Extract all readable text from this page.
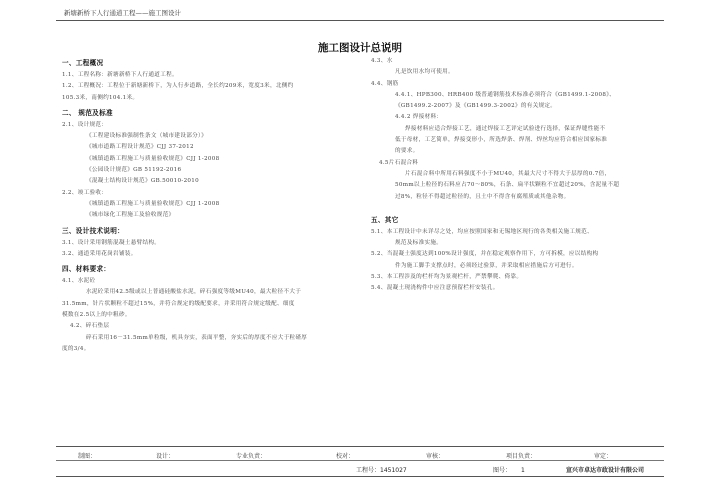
新塘新桥下人行通道工程——施工图设计
施工图设计总说明
一、工程概况
1.1、工程名称：新塘新桥下人行通道工程。
1.2、工程概况：工程位于新塘新桥下，为人行步道路，全长约209米，宽度3米，北侧约
105.3米，南侧约104.1米。
二、 规范及标准
2.1、设计规范：
《工程建设标准强制性条文（城市建设部分）》
《城市道路工程设计规范》CJJ 37-2012
《城镇道路工程施工与质量验收规范》CJJ 1-2008
《公园设计规范》GB 51192-2016
《混凝土结构设计规范》GB.50010-2010
2.2、竣工验收：
《城镇道路工程施工与质量验收规范》CJJ 1-2008
《城市绿化工程施工及验收规范》
三、设计技术说明：
3.1、设计采用钢筋混凝土悬臂结构。
3.2、通道采用花岗岩铺装。
四、材料要求：
4.1、水泥砼
水泥砼采用42.5级或以上普通硅酸盐水泥，碎石强度等级MU40，最大粒径不大于
31.5mm，针片状颗粒不超过15%，并符合规定的级配要求，并采用符合规定级配、细度
模数在2.5以上的中粗砂。
4.2、碎石垫层
碎石采用16－31.5mm单粒级，机具夯实，表面平整，夯实后的厚度不应大于粒碴厚
度的3/4。
4.3、水
凡是饮用水均可使用。
4.4、钢筋
4.4.1、HPB300、HRB400 级普通钢筋技术标准必须符合《GB1499.1-2008》、
《GB1499.2-2007》及《GB1499.3-2002》的有关规定。
4.4.2 焊接材料：
焊接材料应适合焊接工艺，通过焊接工艺评定试验进行选择，保证焊缝性能不
低于母材，工艺简单，焊接变形小，所选焊条、焊剂、焊丝均应符合相应国家标准
的要求。
4.5片石混合料
片石混合料中所用石料强度不小于MU40，其最大尺寸不得大于层厚的0.7倍，
50mm以上粒径的石料应占70～80%，石条、扁平状颗粒不宜超过20%，含泥量不超
过8%，粒径不得超过粒径的，且土中不得含有腐殖质或其他杂物。
五、其它
5.1、本工程设计中未详尽之处，均应按照国家和无锡地区现行的各类相关施工规范、
规范及标准实施。
5.2、当混凝土强度达到100%设计强度，并在稳定观察作用下，方可拆模，应以结构构
件为施工脚手支撑点时，必须经过验算，并采取相应措施后方可进行。
5.3、本工程涉及的栏杆均为景观栏杆，严禁攀爬、倚靠。
5.4、混凝土现浇构件中应注意预留栏杆安装孔。
制图：	设计：	专业负责：	校对：	审核：	项目负责：	审定：
工程号：1451027	图号： 1	宣兴市卓达市政设计有限公司
